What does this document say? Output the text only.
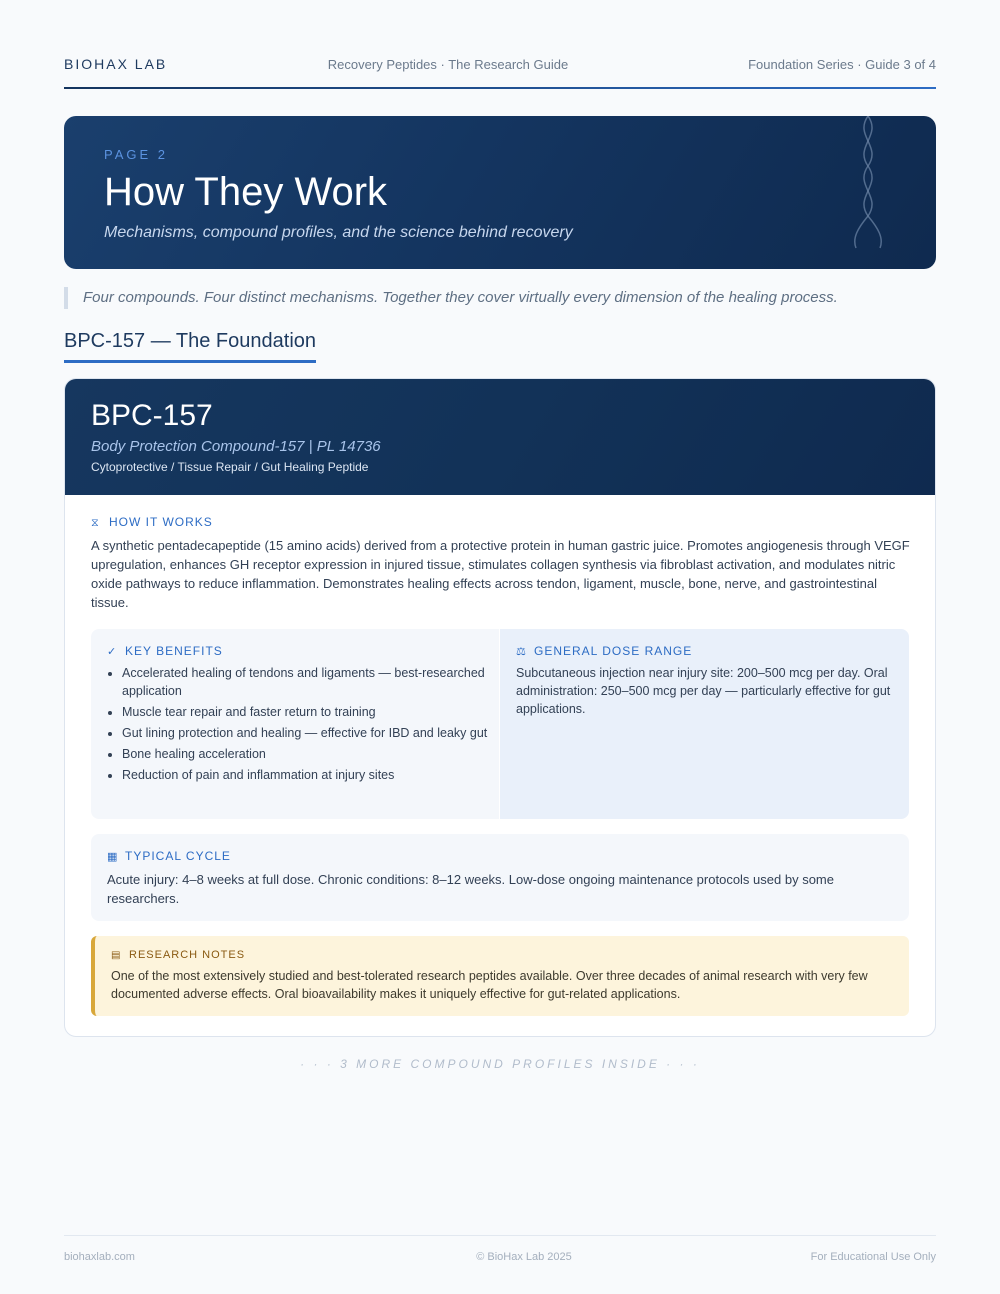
BIOHAX LAB	Recovery Peptides · The Research Guide	Foundation Series · Guide 3 of 4
PAGE 2
How They Work
Mechanisms, compound profiles, and the science behind recovery
Four compounds. Four distinct mechanisms. Together they cover virtually every dimension of the healing process.
BPC-157 — The Foundation
BPC-157
Body Protection Compound-157 | PL 14736
Cytoprotective / Tissue Repair / Gut Healing Peptide
⧖ HOW IT WORKS
A synthetic pentadecapeptide (15 amino acids) derived from a protective protein in human gastric juice. Promotes angiogenesis through VEGF upregulation, enhances GH receptor expression in injured tissue, stimulates collagen synthesis via fibroblast activation, and modulates nitric oxide pathways to reduce inflammation. Demonstrates healing effects across tendon, ligament, muscle, bone, nerve, and gastrointestinal tissue.
✓ KEY BENEFITS
• Accelerated healing of tendons and ligaments — best-researched application
• Muscle tear repair and faster return to training
• Gut lining protection and healing — effective for IBD and leaky gut
• Bone healing acceleration
• Reduction of pain and inflammation at injury sites
⚖ GENERAL DOSE RANGE
Subcutaneous injection near injury site: 200–500 mcg per day. Oral administration: 250–500 mcg per day — particularly effective for gut applications.
▦ TYPICAL CYCLE
Acute injury: 4–8 weeks at full dose. Chronic conditions: 8–12 weeks. Low-dose ongoing maintenance protocols used by some researchers.
▤ RESEARCH NOTES
One of the most extensively studied and best-tolerated research peptides available. Over three decades of animal research with very few documented adverse effects. Oral bioavailability makes it uniquely effective for gut-related applications.
· · · 3 MORE COMPOUND PROFILES INSIDE · · ·
biohaxlab.com	© BioHax Lab 2025	For Educational Use Only
